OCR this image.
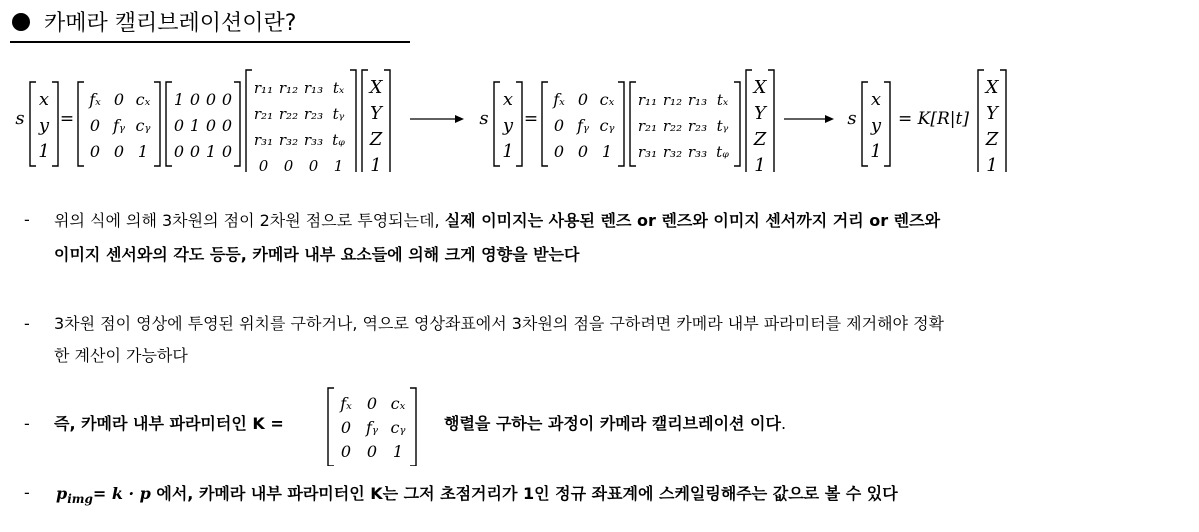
카메라 캘리브레이션이란?
s
x
y
1
=
fₓ 0 cₓ
0 fᵧ cᵧ
0 0 1
1 0 0 0
0 1 0 0
0 0 1 0
r₁₁ r₁₂ r₁₃ tₓ
r₂₁ r₂₂ r₂₃ tᵧ
r₃₁ r₃₂ r₃₃ tᵩ
0 0 0 1
X
Y
Z
1
s
x
y
1
=
fₓ 0 cₓ
0 fᵧ cᵧ
0 0 1
r₁₁ r₁₂ r₁₃ tₓ
r₂₁ r₂₂ r₂₃ tᵧ
r₃₁ r₃₂ r₃₃ tᵩ
X
Y
Z
1
s
x
y
1
= K[R|t]
X
Y
Z
1
- 위의 식에 의해 3차원의 점이 2차원 점으로 투영되는데, 실제 이미지는 사용된 렌즈 or 렌즈와 이미지 센서까지 거리 or 렌즈와
이미지 센서와의 각도 등등, 카메라 내부 요소들에 의해 크게 영향을 받는다
- 3차원 점이 영상에 투영된 위치를 구하거나, 역으로 영상좌표에서 3차원의 점을 구하려면 카메라 내부 파라미터를 제거해야 정확
한 계산이 가능하다
- 즉, 카메라 내부 파라미터인 K =
fₓ 0 cₓ
0 fᵧ cᵧ
0 0 1
행렬을 구하는 과정이 카메라 캘리브레이션 이다.
- $p_{img}= k \cdot p$ 에서, 카메라 내부 파라미터인 K는 그저 초점거리가 1인 정규 좌표계에 스케일링해주는 값으로 볼 수 있다
